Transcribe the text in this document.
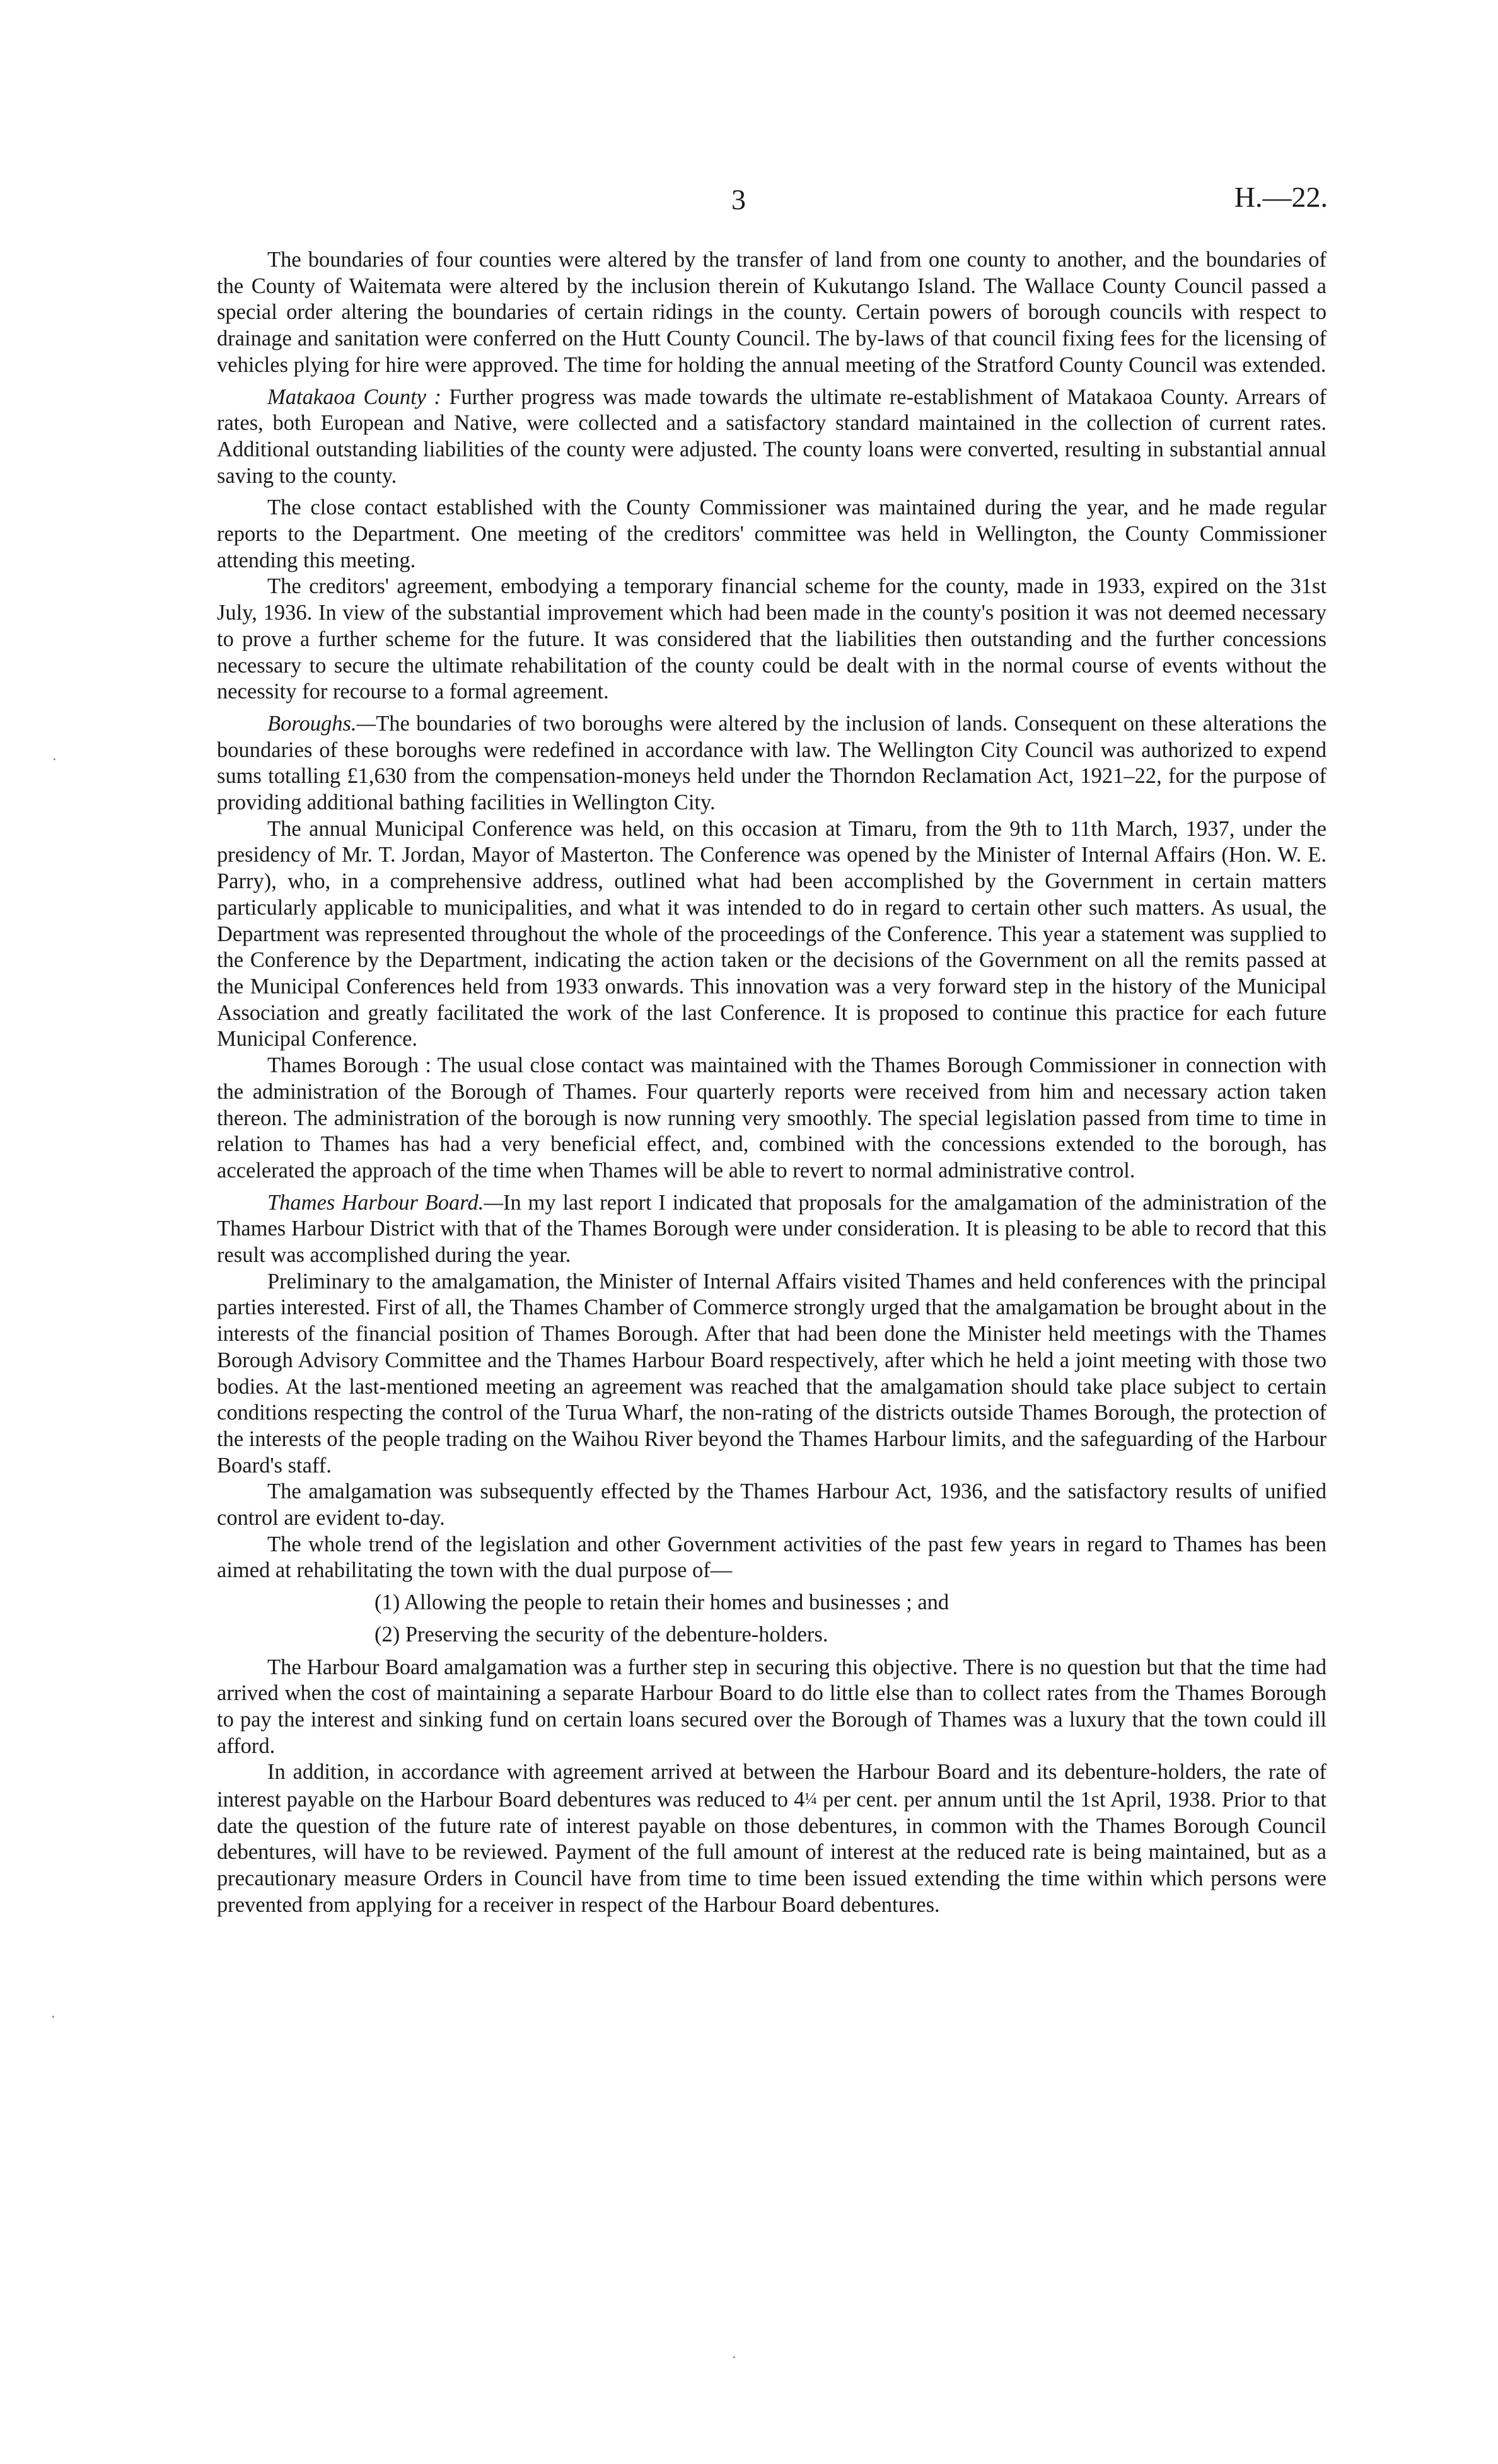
3	H.—22.

The boundaries of four counties were altered by the transfer of land from one county to another, and the boundaries of the County of Waitemata were altered by the inclusion therein of Kukutango Island. The Wallace County Council passed a special order altering the boundaries of certain ridings in the county. Certain powers of borough councils with respect to drainage and sanitation were conferred on the Hutt County Council. The by-laws of that council fixing fees for the licensing of vehicles plying for hire were approved. The time for holding the annual meeting of the Stratford County Council was extended.

Matakaoa County : Further progress was made towards the ultimate re-establishment of Matakaoa County. Arrears of rates, both European and Native, were collected and a satisfactory standard maintained in the collection of current rates. Additional outstanding liabilities of the county were adjusted. The county loans were converted, resulting in substantial annual saving to the county.

The close contact established with the County Commissioner was maintained during the year, and he made regular reports to the Department. One meeting of the creditors' committee was held in Wellington, the County Commissioner attending this meeting.

The creditors' agreement, embodying a temporary financial scheme for the county, made in 1933, expired on the 31st July, 1936. In view of the substantial improvement which had been made in the county's position it was not deemed necessary to prove a further scheme for the future. It was considered that the liabilities then outstanding and the further concessions necessary to secure the ultimate rehabilitation of the county could be dealt with in the normal course of events without the necessity for recourse to a formal agreement.

Boroughs.—The boundaries of two boroughs were altered by the inclusion of lands. Consequent on these alterations the boundaries of these boroughs were redefined in accordance with law. The Wellington City Council was authorized to expend sums totalling £1,630 from the compensation-moneys held under the Thorndon Reclamation Act, 1921–22, for the purpose of providing additional bathing facilities in Wellington City.

The annual Municipal Conference was held, on this occasion at Timaru, from the 9th to 11th March, 1937, under the presidency of Mr. T. Jordan, Mayor of Masterton. The Conference was opened by the Minister of Internal Affairs (Hon. W. E. Parry), who, in a comprehensive address, outlined what had been accomplished by the Government in certain matters particularly applicable to municipalities, and what it was intended to do in regard to certain other such matters. As usual, the Department was represented throughout the whole of the proceedings of the Conference. This year a statement was supplied to the Conference by the Department, indicating the action taken or the decisions of the Government on all the remits passed at the Municipal Conferences held from 1933 onwards. This innovation was a very forward step in the history of the Municipal Association and greatly facilitated the work of the last Conference. It is proposed to continue this practice for each future Municipal Conference.

Thames Borough : The usual close contact was maintained with the Thames Borough Commissioner in connection with the administration of the Borough of Thames. Four quarterly reports were received from him and necessary action taken thereon. The administration of the borough is now running very smoothly. The special legislation passed from time to time in relation to Thames has had a very beneficial effect, and, combined with the concessions extended to the borough, has accelerated the approach of the time when Thames will be able to revert to normal administrative control.

Thames Harbour Board.—In my last report I indicated that proposals for the amalgamation of the administration of the Thames Harbour District with that of the Thames Borough were under consideration. It is pleasing to be able to record that this result was accomplished during the year.

Preliminary to the amalgamation, the Minister of Internal Affairs visited Thames and held conferences with the principal parties interested. First of all, the Thames Chamber of Commerce strongly urged that the amalgamation be brought about in the interests of the financial position of Thames Borough. After that had been done the Minister held meetings with the Thames Borough Advisory Committee and the Thames Harbour Board respectively, after which he held a joint meeting with those two bodies. At the last-mentioned meeting an agreement was reached that the amalgamation should take place subject to certain conditions respecting the control of the Turua Wharf, the non-rating of the districts outside Thames Borough, the protection of the interests of the people trading on the Waihou River beyond the Thames Harbour limits, and the safeguarding of the Harbour Board's staff.

The amalgamation was subsequently effected by the Thames Harbour Act, 1936, and the satisfactory results of unified control are evident to-day.

The whole trend of the legislation and other Government activities of the past few years in regard to Thames has been aimed at rehabilitating the town with the dual purpose of—

(1) Allowing the people to retain their homes and businesses ; and

(2) Preserving the security of the debenture-holders.

The Harbour Board amalgamation was a further step in securing this objective. There is no question but that the time had arrived when the cost of maintaining a separate Harbour Board to do little else than to collect rates from the Thames Borough to pay the interest and sinking fund on certain loans secured over the Borough of Thames was a luxury that the town could ill afford.

In addition, in accordance with agreement arrived at between the Harbour Board and its debenture-holders, the rate of interest payable on the Harbour Board debentures was reduced to 4¼ per cent. per annum until the 1st April, 1938. Prior to that date the question of the future rate of interest payable on those debentures, in common with the Thames Borough Council debentures, will have to be reviewed. Payment of the full amount of interest at the reduced rate is being maintained, but as a precautionary measure Orders in Council have from time to time been issued extending the time within which persons were prevented from applying for a receiver in respect of the Harbour Board debentures.

·
·
·
